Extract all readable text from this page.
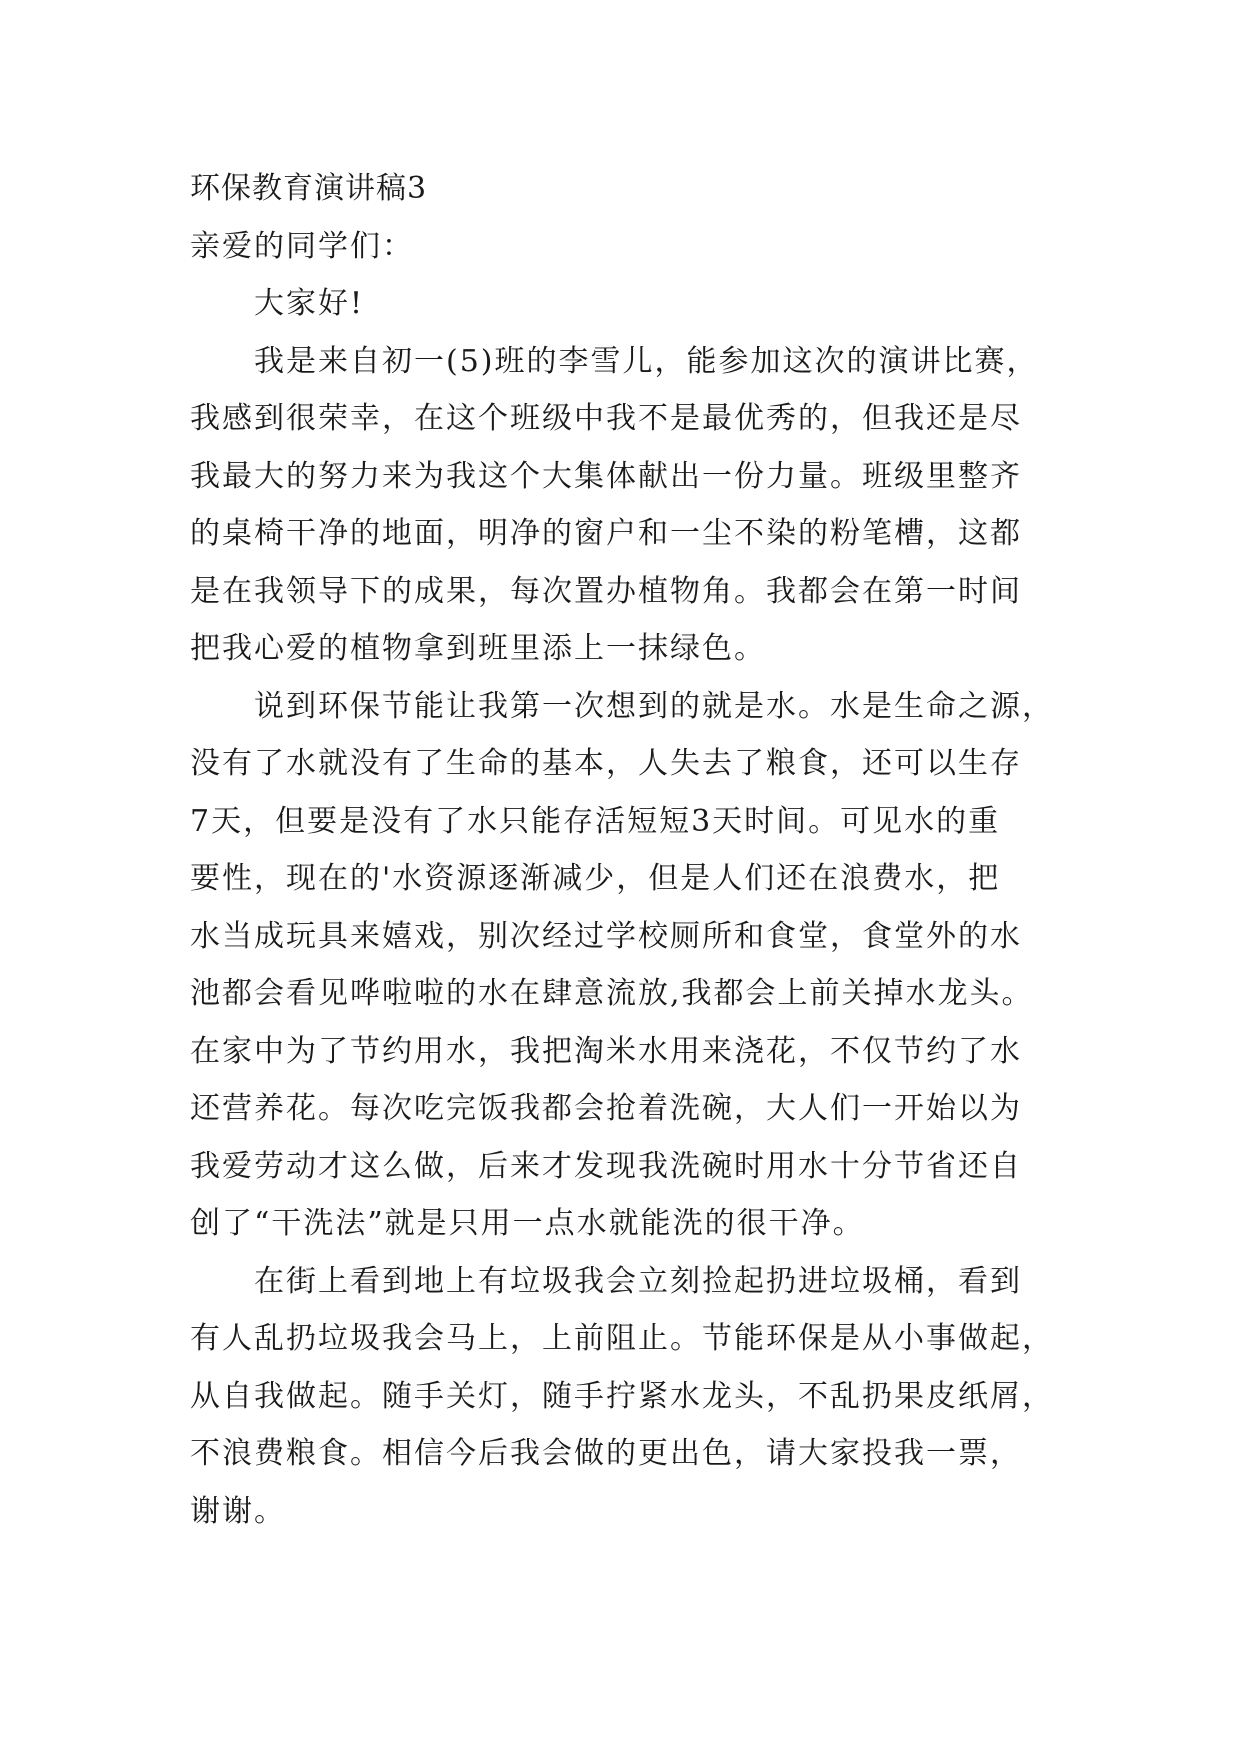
环保教育演讲稿3
亲爱的同学们：
大家好!
我是来自初一(5)班的李雪儿，能参加这次的演讲比赛，
我感到很荣幸，在这个班级中我不是最优秀的，但我还是尽
我最大的努力来为我这个大集体献出一份力量。班级里整齐
的桌椅干净的地面，明净的窗户和一尘不染的粉笔槽，这都
是在我领导下的成果，每次置办植物角。我都会在第一时间
把我心爱的植物拿到班里添上一抹绿色。
说到环保节能让我第一次想到的就是水。水是生命之源，
没有了水就没有了生命的基本，人失去了粮食，还可以生存
7天，但要是没有了水只能存活短短3天时间。可见水的重
要性，现在的'水资源逐渐减少，但是人们还在浪费水，把
水当成玩具来嬉戏，别次经过学校厕所和食堂，食堂外的水
池都会看见哗啦啦的水在肆意流放,我都会上前关掉水龙头。
在家中为了节约用水，我把淘米水用来浇花，不仅节约了水
还营养花。每次吃完饭我都会抢着洗碗，大人们一开始以为
我爱劳动才这么做，后来才发现我洗碗时用水十分节省还自
创了“干洗法”就是只用一点水就能洗的很干净。
在街上看到地上有垃圾我会立刻捡起扔进垃圾桶，看到
有人乱扔垃圾我会马上，上前阻止。节能环保是从小事做起，
从自我做起。随手关灯，随手拧紧水龙头，不乱扔果皮纸屑，
不浪费粮食。相信今后我会做的更出色，请大家投我一票，
谢谢。
